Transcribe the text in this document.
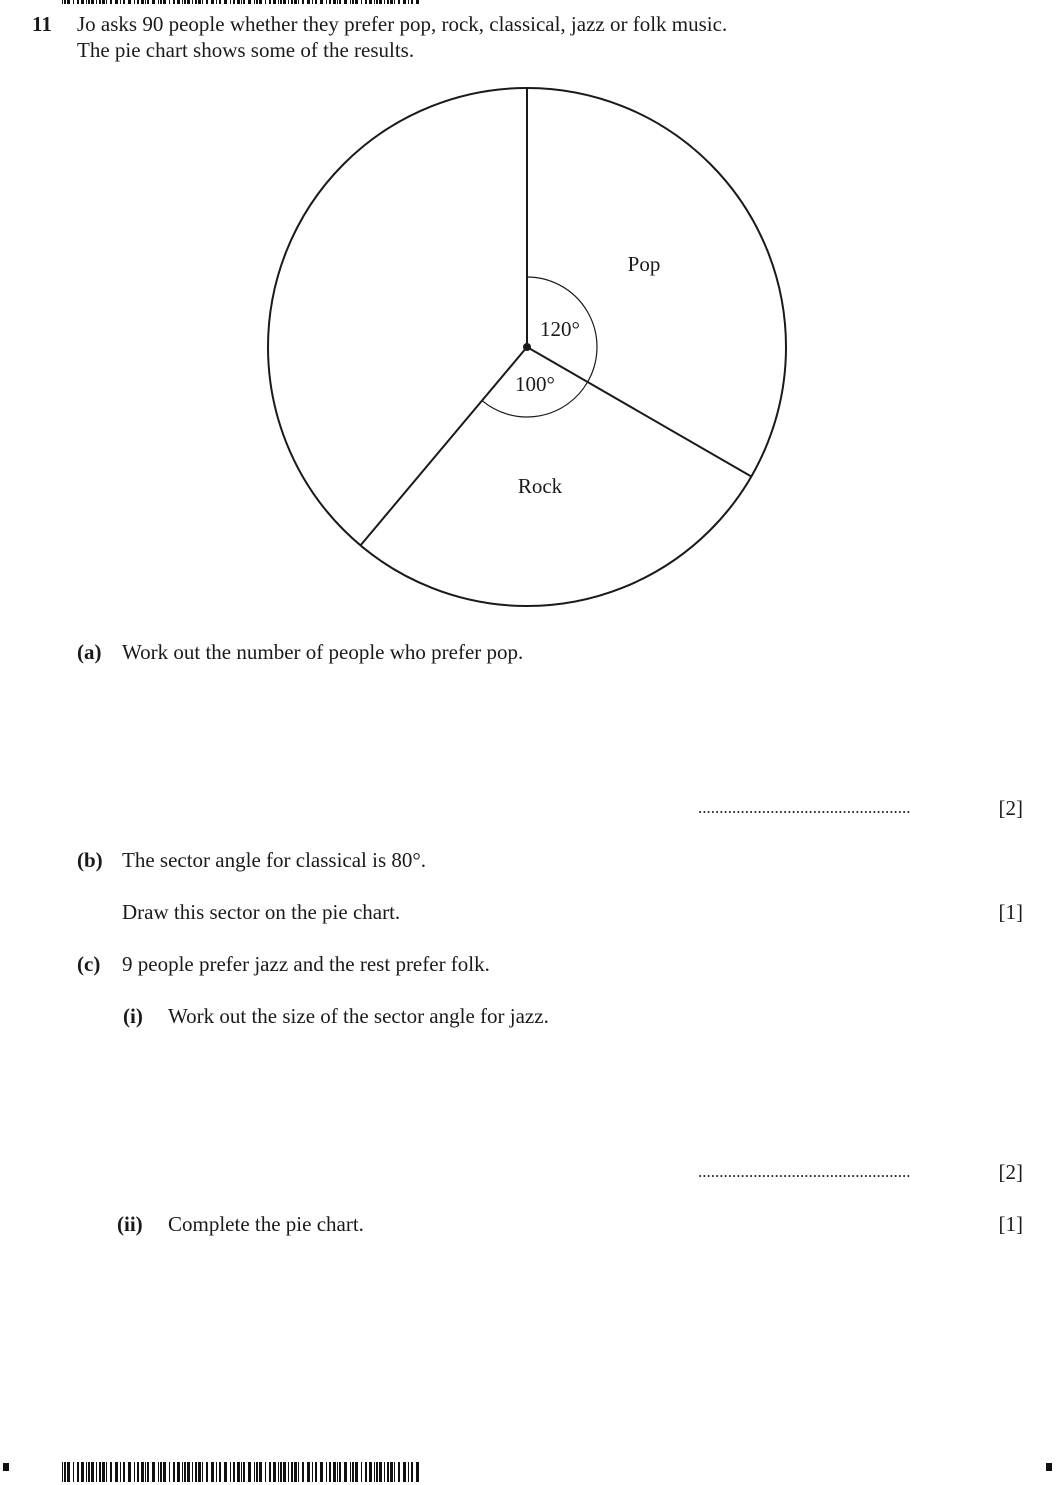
11 Jo asks 90 people whether they prefer pop, rock, classical, jazz or folk music.
The pie chart shows some of the results.
Pop
Rock
120°
100°
(a) Work out the number of people who prefer pop.
..................................................	[2]
(b) The sector angle for classical is 80°.
Draw this sector on the pie chart.	[1]
(c) 9 people prefer jazz and the rest prefer folk.
(i) Work out the size of the sector angle for jazz.
..................................................	[2]
(ii) Complete the pie chart.	[1]
